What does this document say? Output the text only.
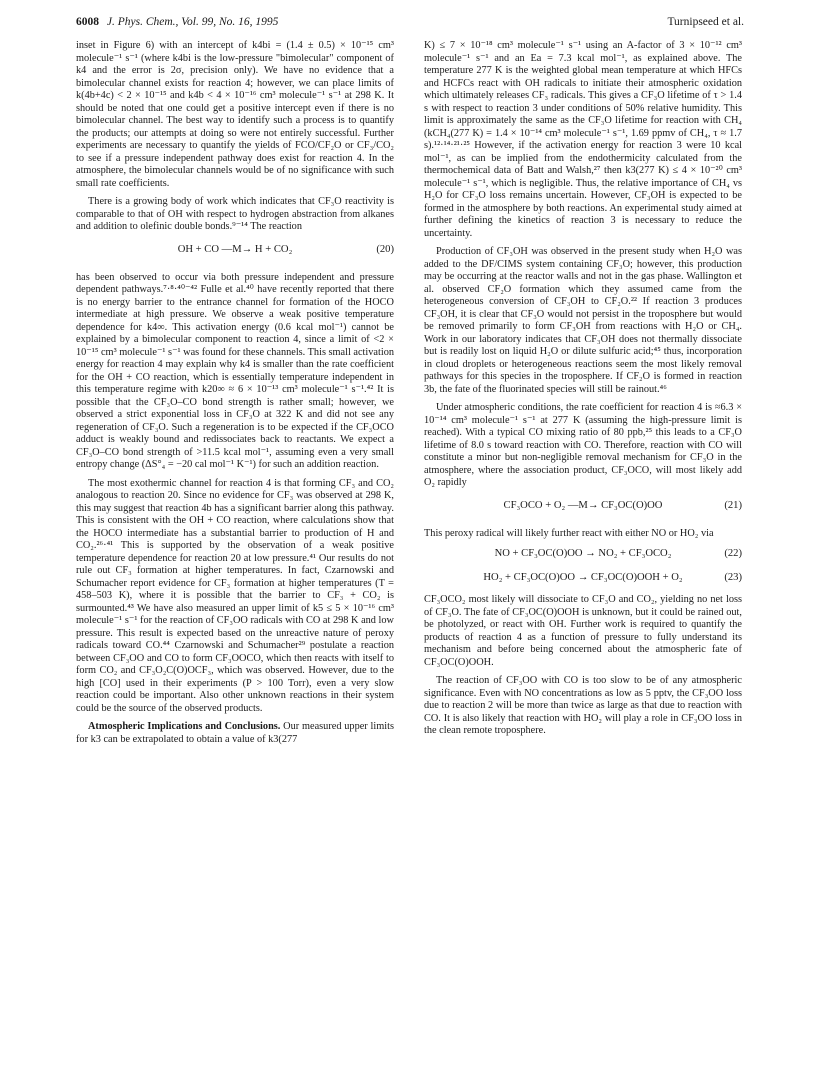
6008 J. Phys. Chem., Vol. 99, No. 16, 1995	Turnipseed et al.

inset in Figure 6) with an intercept of k4bi = (1.4 ± 0.5) × 10⁻¹⁵ cm³ molecule⁻¹ s⁻¹ (where k4bi is the low-pressure "bimolecular" component of k4 and the error is 2σ, precision only). We have no evidence that a bimolecular channel exists for reaction 4; however, we can place limits of k(4b+4c) < 2 × 10⁻¹⁵ and k4b < 4 × 10⁻¹⁶ cm³ molecule⁻¹ s⁻¹ at 298 K. It should be noted that one could get a positive intercept even if there is no bimolecular channel. The best way to identify such a process is to quantify the products; our attempts at doing so were not entirely successful. Further experiments are necessary to quantify the yields of FCO/CF₂O or CF₃/CO₂ to see if a pressure independent pathway does exist for reaction 4. In the atmosphere, the bimolecular channels would be of no significance with such small rate coefficients.

There is a growing body of work which indicates that CF₃O reactivity is comparable to that of OH with respect to hydrogen abstraction from alkanes and addition to olefinic double bonds.⁹⁻¹⁴ The reaction

OH + CO —M→ H + CO₂	(20)

has been observed to occur via both pressure independent and pressure dependent pathways.⁷·⁸·⁴⁰⁻⁴² Fulle et al.⁴⁰ have recently reported that there is no energy barrier to the entrance channel for formation of the HOCO intermediate at high pressure. We observe a weak positive temperature dependence for k4∞. This activation energy (0.6 kcal mol⁻¹) cannot be explained by a bimolecular component to reaction 4, since a limit of <2 × 10⁻¹⁵ cm³ molecule⁻¹ s⁻¹ was found for these channels. This small activation energy for reaction 4 may explain why k4 is smaller than the rate coefficient for the OH + CO reaction, which is essentially temperature independent in this temperature regime with k20∞ ≈ 6 × 10⁻¹³ cm³ molecule⁻¹ s⁻¹.⁴² It is possible that the CF₃O–CO bond strength is rather small; however, we observed a strict exponential loss in CF₃O at 322 K and did not see any regeneration of CF₃O. Such a regeneration is to be expected if the CF₃OCO adduct is weakly bound and redissociates back to reactants. We expect a CF₃O–CO bond strength of >11.5 kcal mol⁻¹, assuming even a very small entropy change (ΔS°₄ = −20 cal mol⁻¹ K⁻¹) for such an addition reaction.

The most exothermic channel for reaction 4 is that forming CF₃ and CO₂ analogous to reaction 20. Since no evidence for CF₃ was observed at 298 K, this may suggest that reaction 4b has a significant barrier along this pathway. This is consistent with the OH + CO reaction, where calculations show that the HOCO intermediate has a substantial barrier to production of H and CO₂.²⁶·⁴¹ This is supported by the observation of a weak positive temperature dependence for reaction 20 at low pressure.⁴¹ Our results do not rule out CF₃ formation at higher temperatures. In fact, Czarnowski and Schumacher report evidence for CF₃ formation at higher temperatures (T = 458–503 K), where it is possible that the barrier to CF₃ + CO₂ is surmounted.⁴³ We have also measured an upper limit of k5 ≤ 5 × 10⁻¹⁶ cm³ molecule⁻¹ s⁻¹ for the reaction of CF₃OO radicals with CO at 298 K and low pressure. This result is expected based on the unreactive nature of peroxy radicals toward CO.⁴⁴ Czarnowski and Schumacher²⁹ postulate a reaction between CF₃OO and CO to form CF₃OOCO, which then reacts with itself to form CO₂ and CF₃O₂C(O)OCF₃, which was observed. However, due to the high [CO] used in their experiments (P > 100 Torr), even a very slow reaction could be important. Also other unknown reactions in their system could be the source of the observed products.

Atmospheric Implications and Conclusions. Our measured upper limits for k3 can be extrapolated to obtain a value of k3(277

K) ≤ 7 × 10⁻¹⁸ cm³ molecule⁻¹ s⁻¹ using an A-factor of 3 × 10⁻¹² cm³ molecule⁻¹ s⁻¹ and an Ea = 7.3 kcal mol⁻¹, as explained above. The temperature 277 K is the weighted global mean temperature at which HFCs and HCFCs react with OH radicals to initiate their atmospheric oxidation which ultimately releases CF₃ radicals. This gives a CF₃O lifetime of τ > 1.4 s with respect to reaction 3 under conditions of 50% relative humidity. This limit is approximately the same as the CF₃O lifetime for reaction with CH₄ (kCH₄(277 K) = 1.4 × 10⁻¹⁴ cm³ molecule⁻¹ s⁻¹, 1.69 ppmv of CH₄, τ ≈ 1.7 s).¹²·¹⁴·²¹·²⁵ However, if the activation energy for reaction 3 were 10 kcal mol⁻¹, as can be implied from the endothermicity calculated from the thermochemical data of Batt and Walsh,²⁷ then k3(277 K) ≤ 4 × 10⁻²⁰ cm³ molecule⁻¹ s⁻¹, which is negligible. Thus, the relative importance of CH₄ vs H₂O for CF₃O loss remains uncertain. However, CF₃OH is expected to be formed in the atmosphere by both reactions. An experimental study aimed at further defining the kinetics of reaction 3 is necessary to reduce the uncertainty.

Production of CF₃OH was observed in the present study when H₂O was added to the DF/CIMS system containing CF₃O; however, this production may be occurring at the reactor walls and not in the gas phase. Wallington et al. observed CF₂O formation which they assumed came from the heterogeneous conversion of CF₃OH to CF₂O.²² If reaction 3 produces CF₃OH, it is clear that CF₃O would not persist in the troposphere but would be removed primarily to form CF₃OH from reactions with H₂O or CH₄. Work in our laboratory indicates that CF₃OH does not thermally dissociate but is readily lost on liquid H₂O or dilute sulfuric acid;⁴⁵ thus, incorporation in cloud droplets or heterogeneous reactions seem the most likely removal pathways for this species in the troposphere. If CF₂O is formed in reaction 3b, the fate of the fluorinated species will still be rainout.⁴⁶

Under atmospheric conditions, the rate coefficient for reaction 4 is ≈6.3 × 10⁻¹⁴ cm³ molecule⁻¹ s⁻¹ at 277 K (assuming the high-pressure limit is reached). With a typical CO mixing ratio of 80 ppb,²⁵ this leads to a CF₃O lifetime of 8.0 s toward reaction with CO. Therefore, reaction with CO will constitute a minor but non-negligible removal mechanism for CF₃O in the atmosphere, where the association product, CF₃OCO, will most likely add O₂ rapidly

CF₃OCO + O₂ —M→ CF₃OC(O)OO	(21)

This peroxy radical will likely further react with either NO or HO₂ via

NO + CF₃OC(O)OO → NO₂ + CF₃OCO₂	(22)
HO₂ + CF₃OC(O)OO → CF₃OC(O)OOH + O₂	(23)

CF₃OCO₂ most likely will dissociate to CF₃O and CO₂, yielding no net loss of CF₃O. The fate of CF₃OC(O)OOH is unknown, but it could be rained out, be photolyzed, or react with OH. Further work is required to quantify the products of reaction 4 as a function of pressure to fully understand its mechanism and before being concerned about the atmospheric fate of CF₃OC(O)OOH.

The reaction of CF₃OO with CO is too slow to be of any atmospheric significance. Even with NO concentrations as low as 5 pptv, the CF₃OO loss due to reaction 2 will be more than twice as large as that due to reaction with CO. It is also likely that reaction with HO₂ will play a role in CF₃OO loss in the clean remote troposphere.
